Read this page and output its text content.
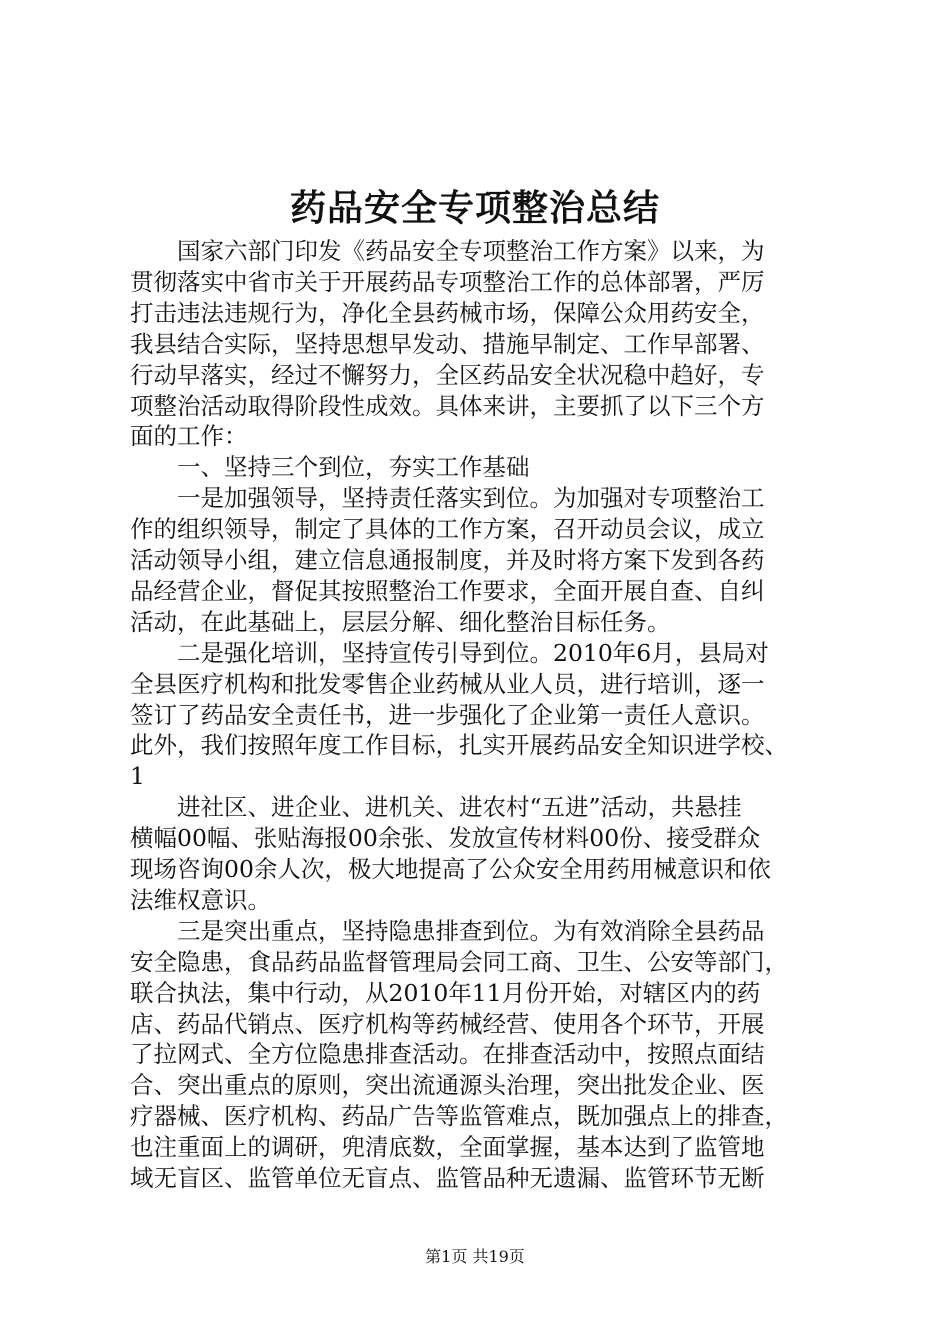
药品安全专项整治总结
　　国家六部门印发《药品安全专项整治工作方案》以来，为
贯彻落实中省市关于开展药品专项整治工作的总体部署，严厉
打击违法违规行为，净化全县药械市场，保障公众用药安全，
我县结合实际，坚持思想早发动、措施早制定、工作早部署、
行动早落实，经过不懈努力，全区药品安全状况稳中趋好，专
项整治活动取得阶段性成效。具体来讲，主要抓了以下三个方
面的工作：
　　一、坚持三个到位，夯实工作基础
　　一是加强领导，坚持责任落实到位。为加强对专项整治工
作的组织领导，制定了具体的工作方案，召开动员会议，成立
活动领导小组，建立信息通报制度，并及时将方案下发到各药
品经营企业，督促其按照整治工作要求，全面开展自查、自纠
活动，在此基础上，层层分解、细化整治目标任务。
　　二是强化培训，坚持宣传引导到位。2010年6月，县局对
全县医疗机构和批发零售企业药械从业人员，进行培训，逐一
签订了药品安全责任书，进一步强化了企业第一责任人意识。
此外，我们按照年度工作目标，扎实开展药品安全知识进学校、
1
　　进社区、进企业、进机关、进农村“五进”活动，共悬挂
横幅00幅、张贴海报00余张、发放宣传材料00份、接受群众
现场咨询00余人次，极大地提高了公众安全用药用械意识和依
法维权意识。
　　三是突出重点，坚持隐患排查到位。为有效消除全县药品
安全隐患，食品药品监督管理局会同工商、卫生、公安等部门，
联合执法，集中行动，从2010年11月份开始，对辖区内的药
店、药品代销点、医疗机构等药械经营、使用各个环节，开展
了拉网式、全方位隐患排查活动。在排查活动中，按照点面结
合、突出重点的原则，突出流通源头治理，突出批发企业、医
疗器械、医疗机构、药品广告等监管难点，既加强点上的排查，
也注重面上的调研，兜清底数，全面掌握，基本达到了监管地
域无盲区、监管单位无盲点、监管品种无遗漏、监管环节无断
第1页 共19页
